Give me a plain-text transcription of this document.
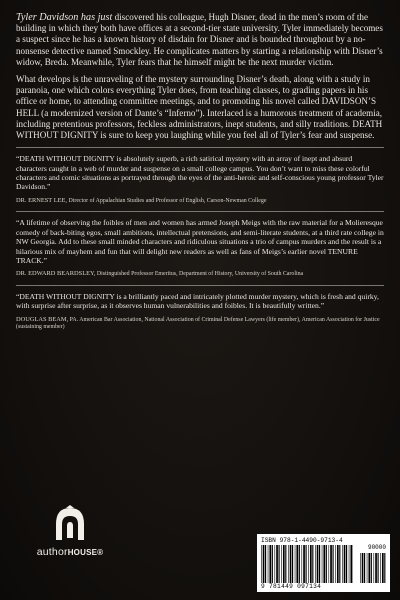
Tyler Davidson has just discovered his colleague, Hugh Disner, dead in the men’s room of the building in which they both have offices at a second-tier state university. Tyler immediately becomes a suspect since he has a known history of disdain for Disner and is bounded throughout by a no-nonsense detective named Smockley. He complicates matters by starting a relationship with Disner’s widow, Breda. Meanwhile, Tyler fears that he himself might be the next murder victim.

What develops is the unraveling of the mystery surrounding Disner’s death, along with a study in paranoia, one which colors everything Tyler does, from teaching classes, to grading papers in his office or home, to attending committee meetings, and to promoting his novel called DAVIDSON’S HELL (a modernized version of Dante’s “Inferno”). Interlaced is a humorous treatment of academia, including pretentious professors, feckless administrators, inept students, and silly traditions. DEATH WITHOUT DIGNITY is sure to keep you laughing while you feel all of Tyler’s fear and suspense.

“DEATH WITHOUT DIGNITY is absolutely superb, a rich satirical mystery with an array of inept and absurd characters caught in a web of murder and suspense on a small college campus. You don’t want to miss these colorful characters and comic situations as portrayed through the eyes of the anti-heroic and self-conscious young professor Tyler Davidson.”

DR. ERNEST LEE, Director of Appalachian Studies and Professor of English, Carson-Newman College

“A lifetime of observing the foibles of men and women has armed Joseph Meigs with the raw material for a Molieresque comedy of back-biting egos, small ambitions, intellectual pretensions, and semi-literate students, at a third rate college in NW Georgia. Add to these small minded characters and ridiculous situations a trio of campus murders and the result is a hilarious mix of mayhem and fun that will delight new readers as well as fans of Meigs’s earlier novel TENURE TRACK.”

DR. EDWARD BEARDSLEY, Distinguished Professor Emeritus, Department of History, University of South Carolina

“DEATH WITHOUT DIGNITY is a brilliantly paced and intricately plotted murder mystery, which is fresh and quirky, with surprise after surprise, as it observes human vulnerabilities and foibles. It is beautifully written.”

DOUGLAS BEAM, PA. American Bar Association, National Association of Criminal Defense Lawyers (life member), American Association for Justice (sustaining member)

authorHOUSE®
ISBN 978-1-4490-9713-4
90000
9 781449 097134
